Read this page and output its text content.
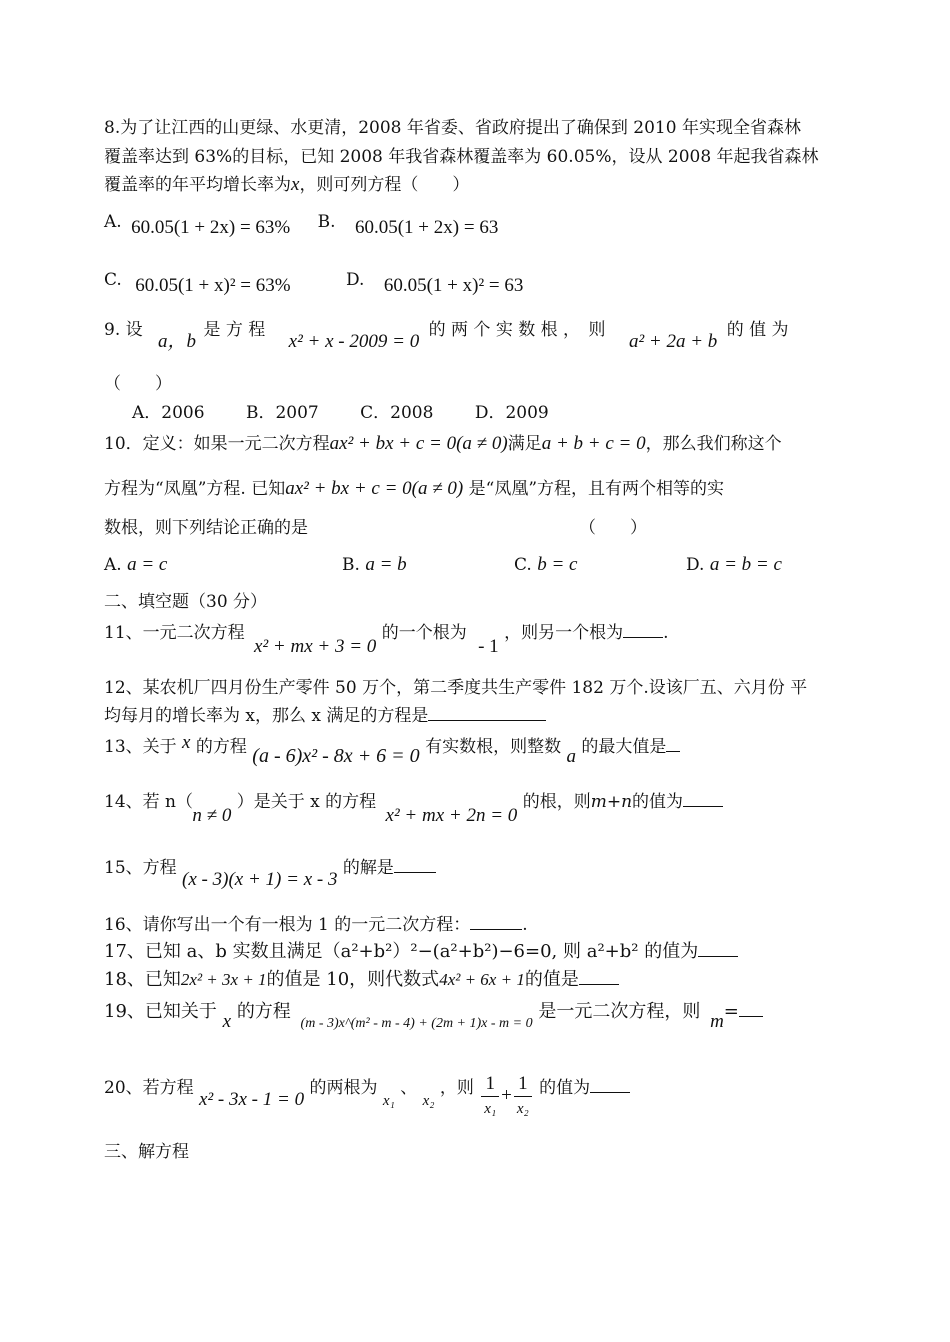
8.为了让江西的山更绿、水更清，2008 年省委、省政府提出了确保到 2010 年实现全省森林
覆盖率达到 63%的目标，已知 2008 年我省森林覆盖率为 60.05%，设从 2008 年起我省森林
覆盖率的年平均增长率为x，则可列方程（　　）
A. 60.05(1 + 2x) = 63% B. 60.05(1 + 2x) = 63
C. 60.05(1 + x)² = 63%	D. 60.05(1 + x)² = 63
9. 设 a，b 是 方 程 x² + x - 2009 = 0 的 两 个 实 数 根 ，　则 a² + 2a + b 的 值 为
（　　）
A．2006 B．2007 C．2008 D．2009
10．定义：如果一元二次方程ax² + bx + c = 0(a ≠ 0)满足a + b + c = 0，那么我们称这个
方程为“凤凰”方程. 已知ax² + bx + c = 0(a ≠ 0) 是“凤凰”方程，且有两个相等的实
数根，则下列结论正确的是	（　　）
A. a = c	B. a = b	C. b = c	D. a = b = c
二、填空题（30 分）
11、一元二次方程 x² + mx + 3 = 0 的一个根为 - 1 ，则另一个根为 .
12、某农机厂四月份生产零件 50 万个，第二季度共生产零件 182 万个.设该厂五、六月份 平
均每月的增长率为 x，那么 x 满足的方程是
13、关于 x 的方程 (a - 6)x² - 8x + 6 = 0 有实数根，则整数 a 的最大值是
14、若 n（ n ≠ 0 ）是关于 x 的方程 x² + mx + 2n = 0 的根，则m+n的值为
15、方程 (x - 3)(x + 1) = x - 3 的解是
16、请你写出一个有一根为 1 的一元二次方程：	.
17、已知 a、b 实数且满足（a²+b²）²−(a²+b²)−6=0, 则 a²+b² 的值为
18、已知2x² + 3x + 1的值是 10，则代数式4x² + 6x + 1的值是
19、已知关于 x 的方程 $_{(m - 3)x\^{}(m^2 - m - 4) + (2m + 1)x - m = 0}$ 是一元二次方程，则 m=
20、若方程 x² - 3x - 1 = 0 的两根为 x₁ 、 x₂ ，则 $\frac{1}{\text{x₁}} + \frac{1}{\text{x₂}}$ 的值为
三、解方程
